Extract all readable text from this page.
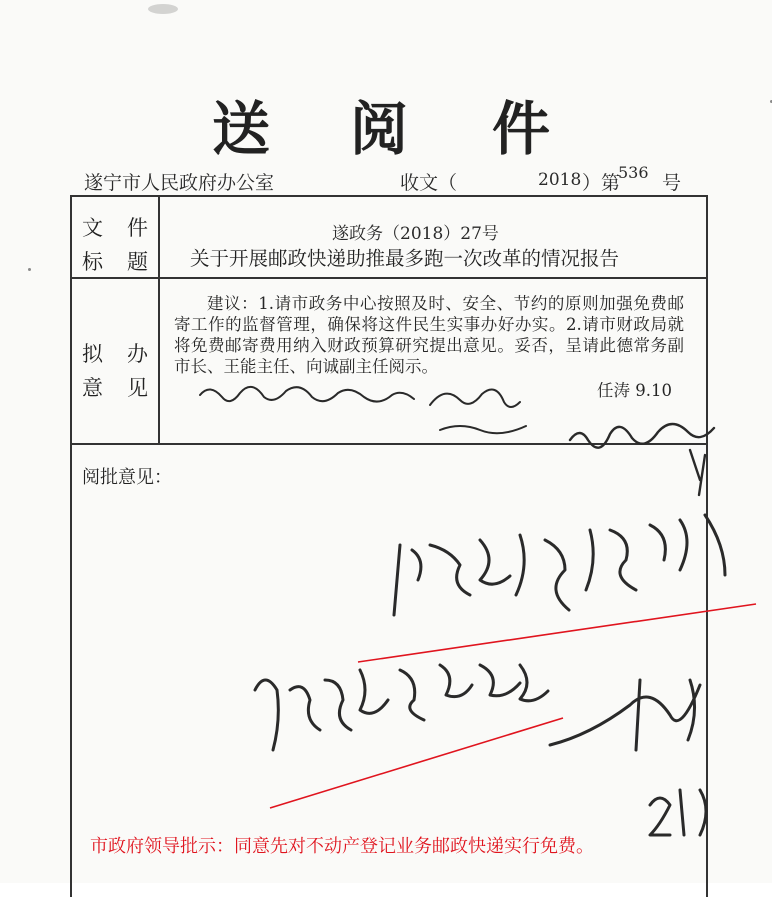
送 阅 件
遂宁市人民政府办公室	收文（	2018 ）第
536 号
文 件
标 题
遂政务（2018）27号
关于开展邮政快递助推最多跑一次改革的情况报告
拟 办
意 见
建议：1.请市政务中心按照及时、安全、节约的原则加强免费邮寄工作的监督管理，确保将这件民生实事办好办实。2.请市财政局就将免费邮寄费用纳入财政预算研究提出意见。妥否，呈请此德常务副市长、王能主任、向诚副主任阅示。
任涛 9.10
阅批意见：
市政府领导批示：同意先对不动产登记业务邮政快递实行免费。
